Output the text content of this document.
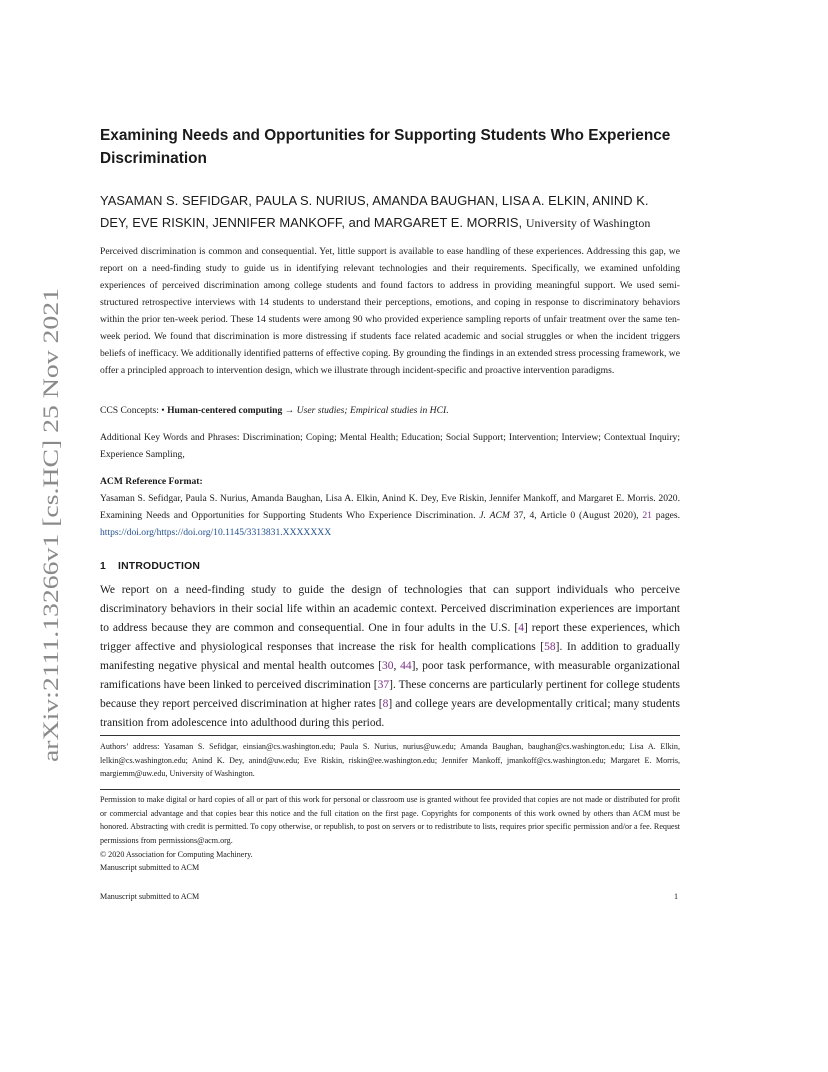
arXiv:2111.13266v1 [cs.HC] 25 Nov 2021
Examining Needs and Opportunities for Supporting Students Who Experience
Discrimination
YASAMAN S. SEFIDGAR, PAULA S. NURIUS, AMANDA BAUGHAN, LISA A. ELKIN, ANIND K.
DEY, EVE RISKIN, JENNIFER MANKOFF, and MARGARET E. MORRIS, University of Washington

Perceived discrimination is common and consequential. Yet, little support is available to ease handling of these experiences. Addressing this gap, we report on a need-finding study to guide us in identifying relevant technologies and their requirements. Specifically, we examined unfolding experiences of perceived discrimination among college students and found factors to address in providing meaningful support. We used semi-structured retrospective interviews with 14 students to understand their perceptions, emotions, and coping in response to discriminatory behaviors within the prior ten-week period. These 14 students were among 90 who provided experience sampling reports of unfair treatment over the same ten-week period. We found that discrimination is more distressing if students face related academic and social struggles or when the incident triggers beliefs of inefficacy. We additionally identified patterns of effective coping. By grounding the findings in an extended stress processing framework, we offer a principled approach to intervention design, which we illustrate through incident-specific and proactive intervention paradigms.

CCS Concepts: • Human-centered computing → User studies; Empirical studies in HCI.

Additional Key Words and Phrases: Discrimination; Coping; Mental Health; Education; Social Support; Intervention; Interview; Contextual Inquiry; Experience Sampling,

ACM Reference Format:

Yasaman S. Sefidgar, Paula S. Nurius, Amanda Baughan, Lisa A. Elkin, Anind K. Dey, Eve Riskin, Jennifer Mankoff, and Margaret E. Morris. 2020. Examining Needs and Opportunities for Supporting Students Who Experience Discrimination. J. ACM 37, 4, Article 0 (August 2020), 21 pages. https://doi.org/https://doi.org/10.1145/3313831.XXXXXXX

1 INTRODUCTION

We report on a need-finding study to guide the design of technologies that can support individuals who perceive discriminatory behaviors in their social life within an academic context. Perceived discrimination experiences are important to address because they are common and consequential. One in four adults in the U.S. [4] report these experiences, which trigger affective and physiological responses that increase the risk for health complications [58]. In addition to gradually manifesting negative physical and mental health outcomes [30, 44], poor task performance, with measurable organizational ramifications have been linked to perceived discrimination [37]. These concerns are particularly pertinent for college students because they report perceived discrimination at higher rates [8] and college years are developmentally critical; many students transition from adolescence into adulthood during this period.

Authors’ address: Yasaman S. Sefidgar, einsian@cs.washington.edu; Paula S. Nurius, nurius@uw.edu; Amanda Baughan, baughan@cs.washington.edu; Lisa A. Elkin, lelkin@cs.washington.edu; Anind K. Dey, anind@uw.edu; Eve Riskin, riskin@ee.washington.edu; Jennifer Mankoff, jmankoff@cs.washington.edu; Margaret E. Morris, margiemm@uw.edu, University of Washington.

Permission to make digital or hard copies of all or part of this work for personal or classroom use is granted without fee provided that copies are not made or distributed for profit or commercial advantage and that copies bear this notice and the full citation on the first page. Copyrights for components of this work owned by others than ACM must be honored. Abstracting with credit is permitted. To copy otherwise, or republish, to post on servers or to redistribute to lists, requires prior specific permission and/or a fee. Request permissions from permissions@acm.org.

© 2020 Association for Computing Machinery.

Manuscript submitted to ACM

Manuscript submitted to ACM	1
